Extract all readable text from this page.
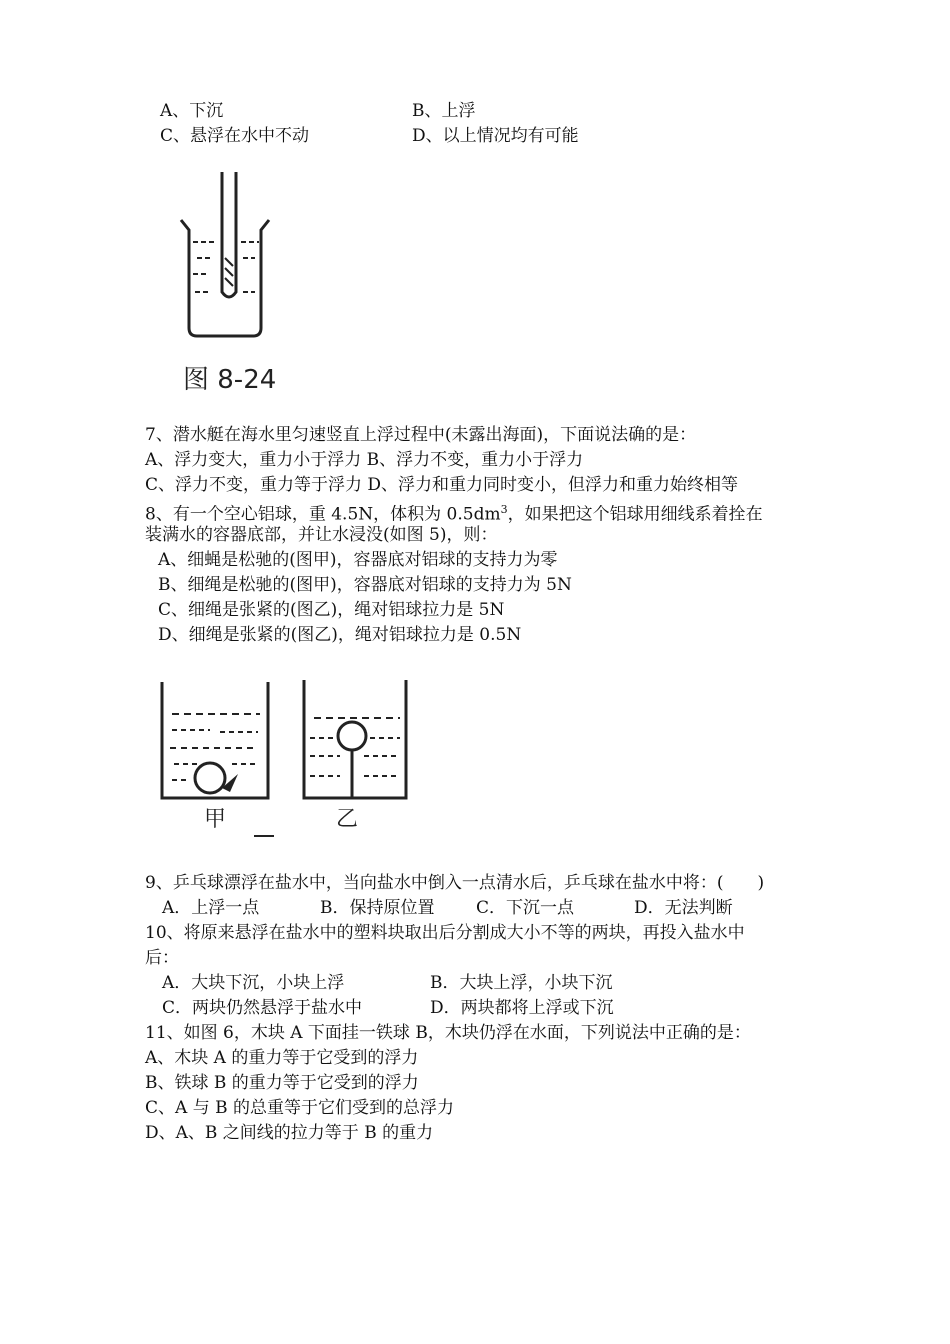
A、下沉	B、上浮
C、悬浮在水中不动	D、以上情况均有可能
图 8-24
7、潜水艇在海水里匀速竖直上浮过程中(未露出海面)，下面说法确的是：
A、浮力变大，重力小于浮力 B、浮力不变，重力小于浮力
C、浮力不变，重力等于浮力 D、浮力和重力同时变小，但浮力和重力始终相等
8、有一个空心铝球，重 4.5N，体积为 $0.5dm^3$，如果把这个铝球用细线系着拴在
装满水的容器底部，并让水浸没(如图 5)，则：
A、细蝇是松驰的(图甲)，容器底对铝球的支持力为零
B、细绳是松驰的(图甲)，容器底对铝球的支持力为 5N
C、细绳是张紧的(图乙)，绳对铝球拉力是 5N
D、细绳是张紧的(图乙)，绳对铝球拉力是 0.5N
甲	乙
9、乒乓球漂浮在盐水中，当向盐水中倒入一点清水后，乒乓球在盐水中将：(　　)
A．上浮一点	B．保持原位置 C．下沉一点	D．无法判断
10、将原来悬浮在盐水中的塑料块取出后分割成大小不等的两块，再投入盐水中
后：
A．大块下沉，小块上浮	B．大块上浮，小块下沉
C．两块仍然悬浮于盐水中	D．两块都将上浮或下沉
11、如图 6，木块 A 下面挂一铁球 B，木块仍浮在水面，下列说法中正确的是：
A、木块 A 的重力等于它受到的浮力
B、铁球 B 的重力等于它受到的浮力
C、A 与 B 的总重等于它们受到的总浮力
D、A、B 之间线的拉力等于 B 的重力
